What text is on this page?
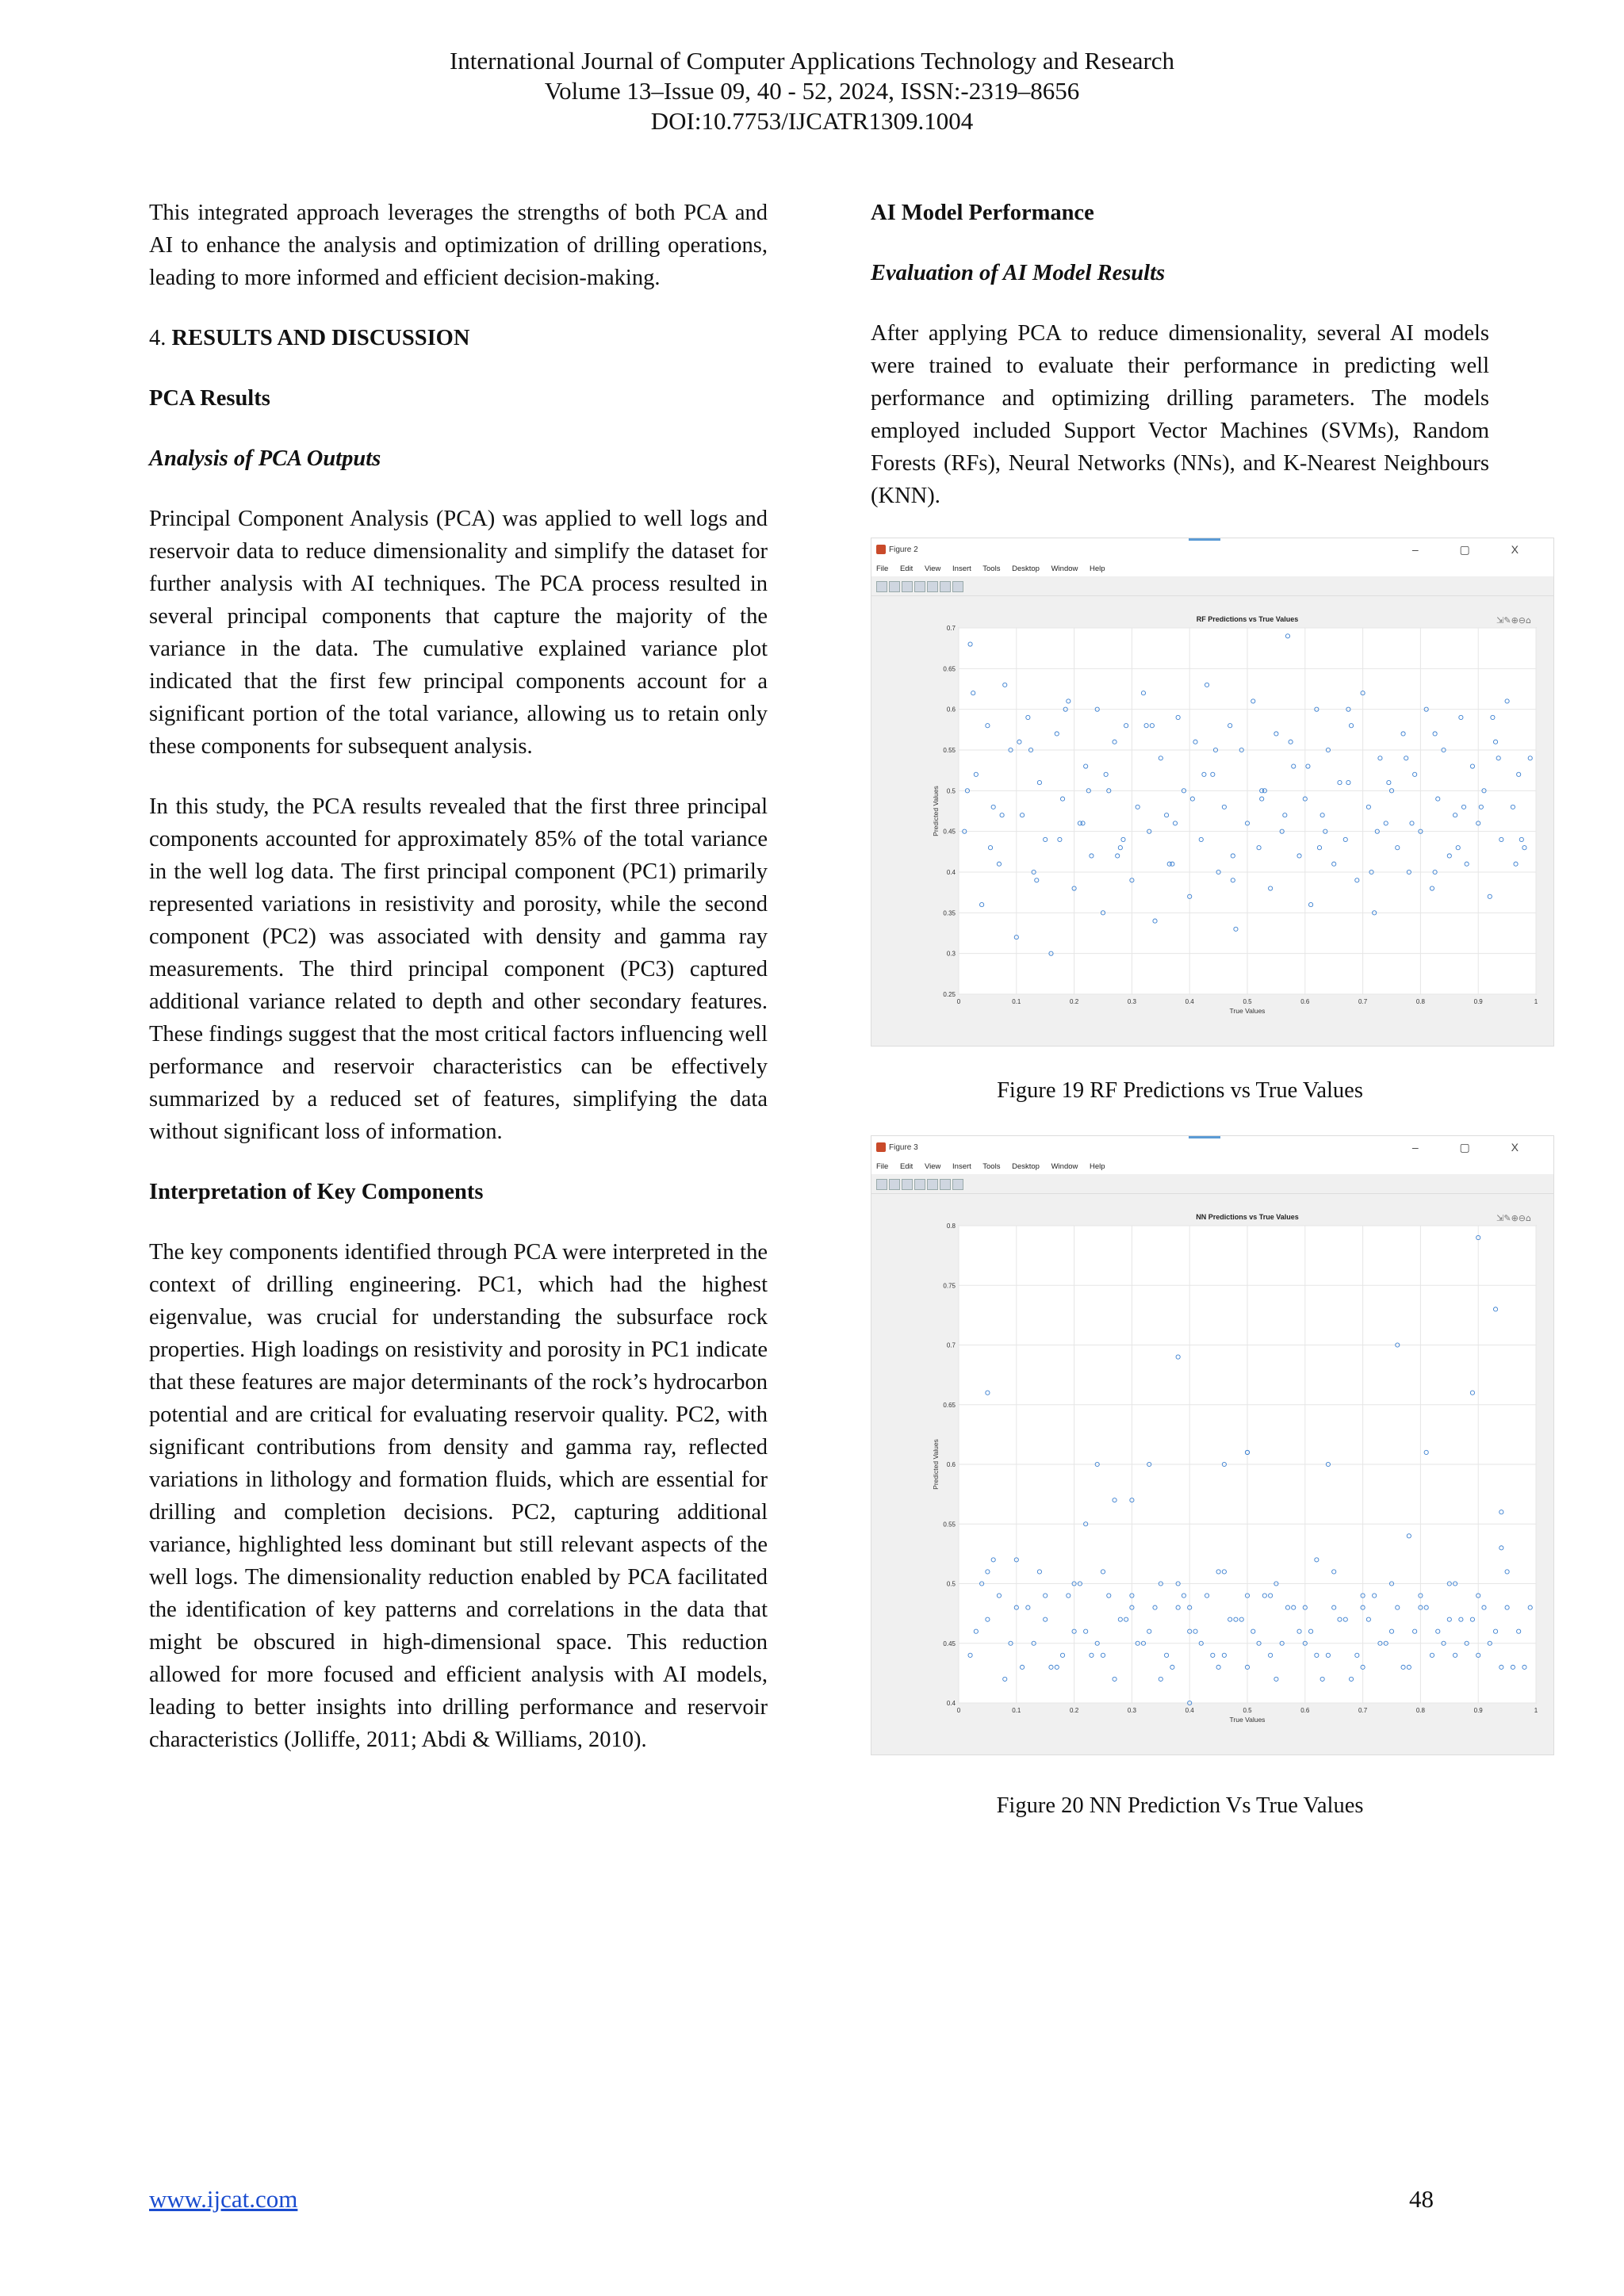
International Journal of Computer Applications Technology and Research
Volume 13–Issue 09, 40 - 52, 2024, ISSN:-2319–8656
DOI:10.7753/IJCATR1309.1004

This integrated approach leverages the strengths of both PCA and AI to enhance the analysis and optimization of drilling operations, leading to more informed and efficient decision-making.

4. RESULTS AND DISCUSSION
PCA Results
Analysis of PCA Outputs

Principal Component Analysis (PCA) was applied to well logs and reservoir data to reduce dimensionality and simplify the dataset for further analysis with AI techniques. The PCA process resulted in several principal components that capture the majority of the variance in the data. The cumulative explained variance plot indicated that the first few principal components account for a significant portion of the total variance, allowing us to retain only these components for subsequent analysis.

In this study, the PCA results revealed that the first three principal components accounted for approximately 85% of the total variance in the well log data. The first principal component (PC1) primarily represented variations in resistivity and porosity, while the second component (PC2) was associated with density and gamma ray measurements. The third principal component (PC3) captured additional variance related to depth and other secondary features. These findings suggest that the most critical factors influencing well performance and reservoir characteristics can be effectively summarized by a reduced set of features, simplifying the data without significant loss of information.

Interpretation of Key Components

The key components identified through PCA were interpreted in the context of drilling engineering. PC1, which had the highest eigenvalue, was crucial for understanding the subsurface rock properties. High loadings on resistivity and porosity in PC1 indicate that these features are major determinants of the rock’s hydrocarbon potential and are critical for evaluating reservoir quality. PC2, with significant contributions from density and gamma ray, reflected variations in lithology and formation fluids, which are essential for drilling and completion decisions. PC2, capturing additional variance, highlighted less dominant but still relevant aspects of the well logs. The dimensionality reduction enabled by PCA facilitated the identification of key patterns and correlations in the data that might be obscured in high-dimensional space. This reduction allowed for more focused and efficient analysis with AI models, leading to better insights into drilling performance and reservoir characteristics (Jolliffe, 2011; Abdi & Williams, 2010).

AI Model Performance
Evaluation of AI Model Results

After applying PCA to reduce dimensionality, several AI models were trained to evaluate their performance in predicting well performance and optimizing drilling parameters. The models employed included Support Vector Machines (SVMs), Random Forests (RFs), Neural Networks (NNs), and K-Nearest Neighbours (KNN).

Figure 2	– ▢ X
File Edit View Insert Tools Desktop Window Help
0	0.1	0.2	0.3	0.4	0.5	0.6	0.7	0.8	0.9	1
0.25
0.3
0.35
0.4
0.45
0.5
0.55
0.6
0.65
0.7
RF Predictions vs True Values
True Values
Predicted Values
⇲✎⊕⊖⌂
Figure 19 RF Predictions vs True Values
Figure 3	– ▢ X
File Edit View Insert Tools Desktop Window Help
0	0.1	0.2	0.3	0.4	0.5	0.6	0.7	0.8	0.9	1
0.4
0.45
0.5
0.55
0.6
0.65
0.7
0.75
0.8
NN Predictions vs True Values
True Values
Predicted Values
⇲✎⊕⊖⌂
Figure 20 NN Prediction Vs True Values
www.ijcat.com	48
